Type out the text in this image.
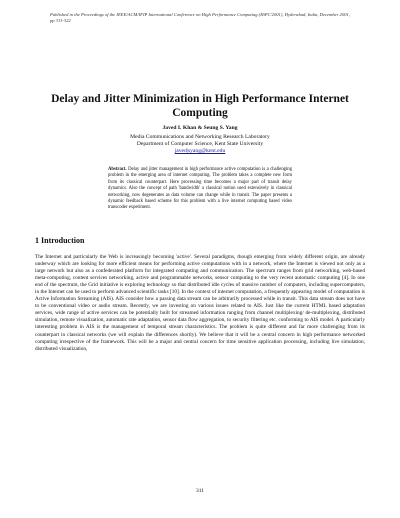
Published in the Proceedings of the IEEE/ACM/IFIP International Conference on High Performance Computing (HiPC'2001), Hyderabad, India, December 2001, pp 311-322
Delay and Jitter Minimization in High Performance Internet Computing
Javed I. Khan & Seung S. Yang
Media Communications and Networking Research Laboratory
Department of Computer Science, Kent State University
javed|syang@kent.edu
Abstract. Delay and jitter management in high performance active computation is a challenging problem in the emerging area of internet computing. The problem takes a complete new form from its classical counterpart. Here processing time becomes a major part of transit delay dynamics. Also the concept of path 'bandwidth' a classical notion used extensively in classical networking, now degenerates as data volume can change while in transit. The paper presents a dynamic feedback based scheme for this problem with a live internet computing based video transcoder experiment.
1 Introduction

The Internet and particularly the Web is increasingly becoming 'active'. Several paradigms, though emerging from widely different origin, are already underway which are looking for more efficient means for performing active computations with in a network, where the Internet is viewed not only as a large network but also as a confederated platform for integrated computing and communication. The spectrum ranges from grid networking, web-based meta-computing, content services networking, active and programmable networks, sensor computing to the very recent automatic computing [4]. In one end of the spectrum, the Grid initiative is exploring technology so that distributed idle cycles of massive number of computers, including supercomputers, in the Internet can be used to perform advanced scientific tasks [10]. In the context of internet computation, a frequently appearing model of computation is Active Information Streaming (AIS). AIS consider how a passing data stream can be arbitrarily processed while in transit. This data stream does not have to be conventional video or audio stream. Recently, we are investing on various issues related to AIS. Just like the current HTML based adaptation services, wide range of active services can be potentially built for streamed information ranging from channel multiplexing/ de-multiplexing, distributed simulation, remote visualization, automatic rate adaptation, sensor data flow aggregation, to security filtering etc. conforming to AIS model. A particularly interesting problem in AIS is the management of temporal stream characteristics. The problem is quite different and far more challenging from its counterpart in classical networks (we will explain the differences shortly). We believe that it will be a central concern in high performance networked computing irrespective of the framework. This will be a major and central concern for time sensitive application processing, including live simulation, distributed visualization,

311
